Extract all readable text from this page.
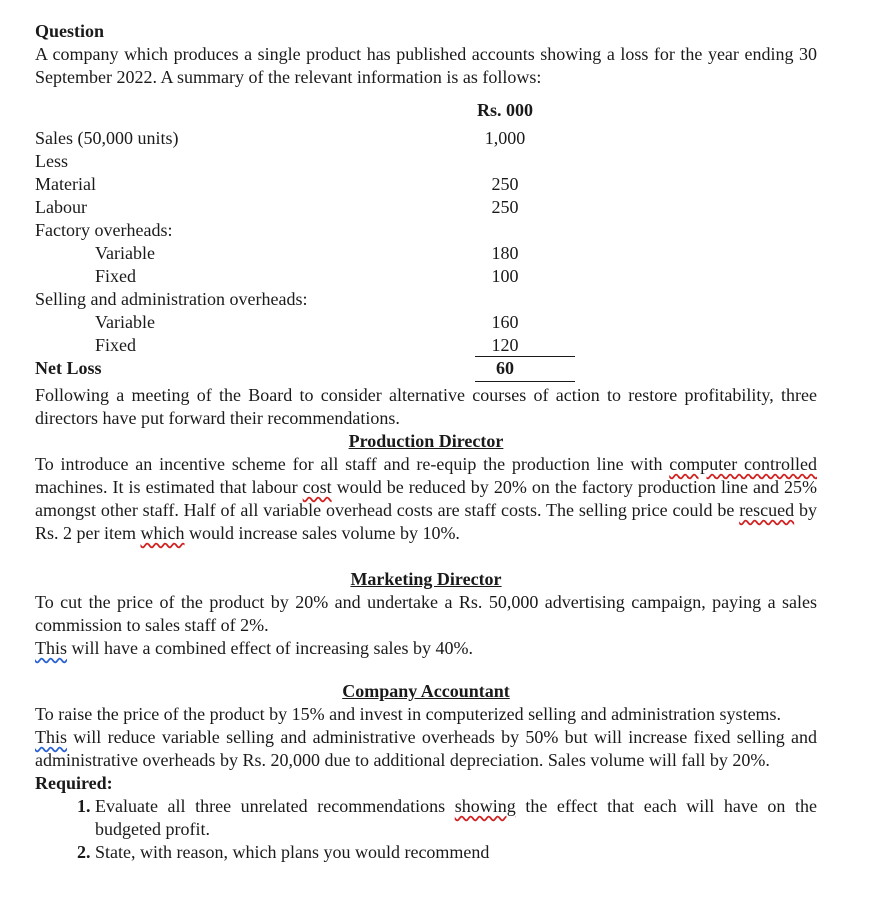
Question
A company which produces a single product has published accounts showing a loss for the year ending 30 September 2022. A summary of the relevant information is as follows:
Rs. 000
Sales (50,000 units)	1,000
Less
Material	250
Labour	250
Factory overheads:
Variable	180
Fixed	100
Selling and administration overheads:
Variable	160
Fixed	120
Net Loss	60
Following a meeting of the Board to consider alternative courses of action to restore profitability, three directors have put forward their recommendations.
Production Director
To introduce an incentive scheme for all staff and re-equip the production line with computer controlled machines. It is estimated that labour cost would be reduced by 20% on the factory production line and 25% amongst other staff. Half of all variable overhead costs are staff costs. The selling price could be rescued by Rs. 2 per item which would increase sales volume by 10%.
Marketing Director
To cut the price of the product by 20% and undertake a Rs. 50,000 advertising campaign, paying a sales commission to sales staff of 2%.
This will have a combined effect of increasing sales by 40%.
Company Accountant
To raise the price of the product by 15% and invest in computerized selling and administration systems.
This will reduce variable selling and administrative overheads by 50% but will increase fixed selling and administrative overheads by Rs. 20,000 due to additional depreciation. Sales volume will fall by 20%.
Required:
1. Evaluate all three unrelated recommendations showing the effect that each will have on the budgeted profit.
2. State, with reason, which plans you would recommend
